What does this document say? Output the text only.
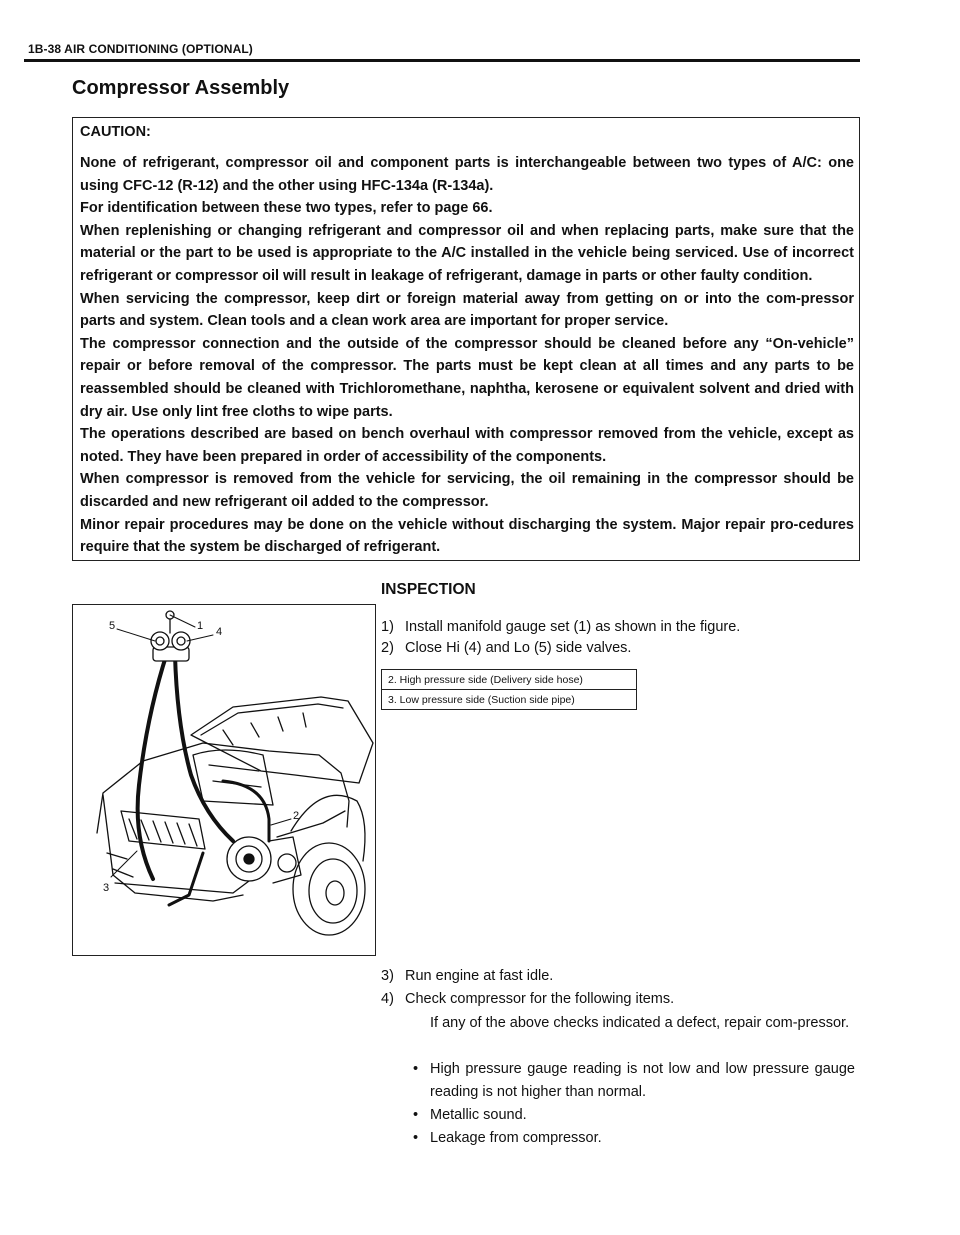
1B-38 AIR CONDITIONING (OPTIONAL)
Compressor Assembly
CAUTION:

None of refrigerant, compressor oil and component parts is interchangeable between two types of A/C: one using CFC-12 (R-12) and the other using HFC-134a (R-134a).

For identification between these two types, refer to page 66.

When replenishing or changing refrigerant and compressor oil and when replacing parts, make sure that the material or the part to be used is appropriate to the A/C installed in the vehicle being serviced. Use of incorrect refrigerant or compressor oil will result in leakage of refrigerant, damage in parts or other faulty condition.

When servicing the compressor, keep dirt or foreign material away from getting on or into the com-pressor parts and system. Clean tools and a clean work area are important for proper service.

The compressor connection and the outside of the compressor should be cleaned before any “On-vehicle” repair or before removal of the compressor. The parts must be kept clean at all times and any parts to be reassembled should be cleaned with Trichloromethane, naphtha, kerosene or equivalent solvent and dried with dry air. Use only lint free cloths to wipe parts.

The operations described are based on bench overhaul with compressor removed from the vehicle, except as noted. They have been prepared in order of accessibility of the components.

When compressor is removed from the vehicle for servicing, the oil remaining in the compressor should be discarded and new refrigerant oil added to the compressor.

Minor repair procedures may be done on the vehicle without discharging the system. Major repair pro-cedures require that the system be discharged of refrigerant.

INSPECTION
1
2
3
4
5	1) Install manifold gauge set (1) as shown in the figure.
2) Close Hi (4) and Lo (5) side valves.
2. High pressure side (Delivery side hose)
3. Low pressure side (Suction side pipe)
3) Run engine at fast idle.
4) Check compressor for the following items.
If any of the above checks indicated a defect, repair com-pressor.
• High pressure gauge reading is not low and low pressure gauge reading is not higher than normal.
• Metallic sound.
• Leakage from compressor.
